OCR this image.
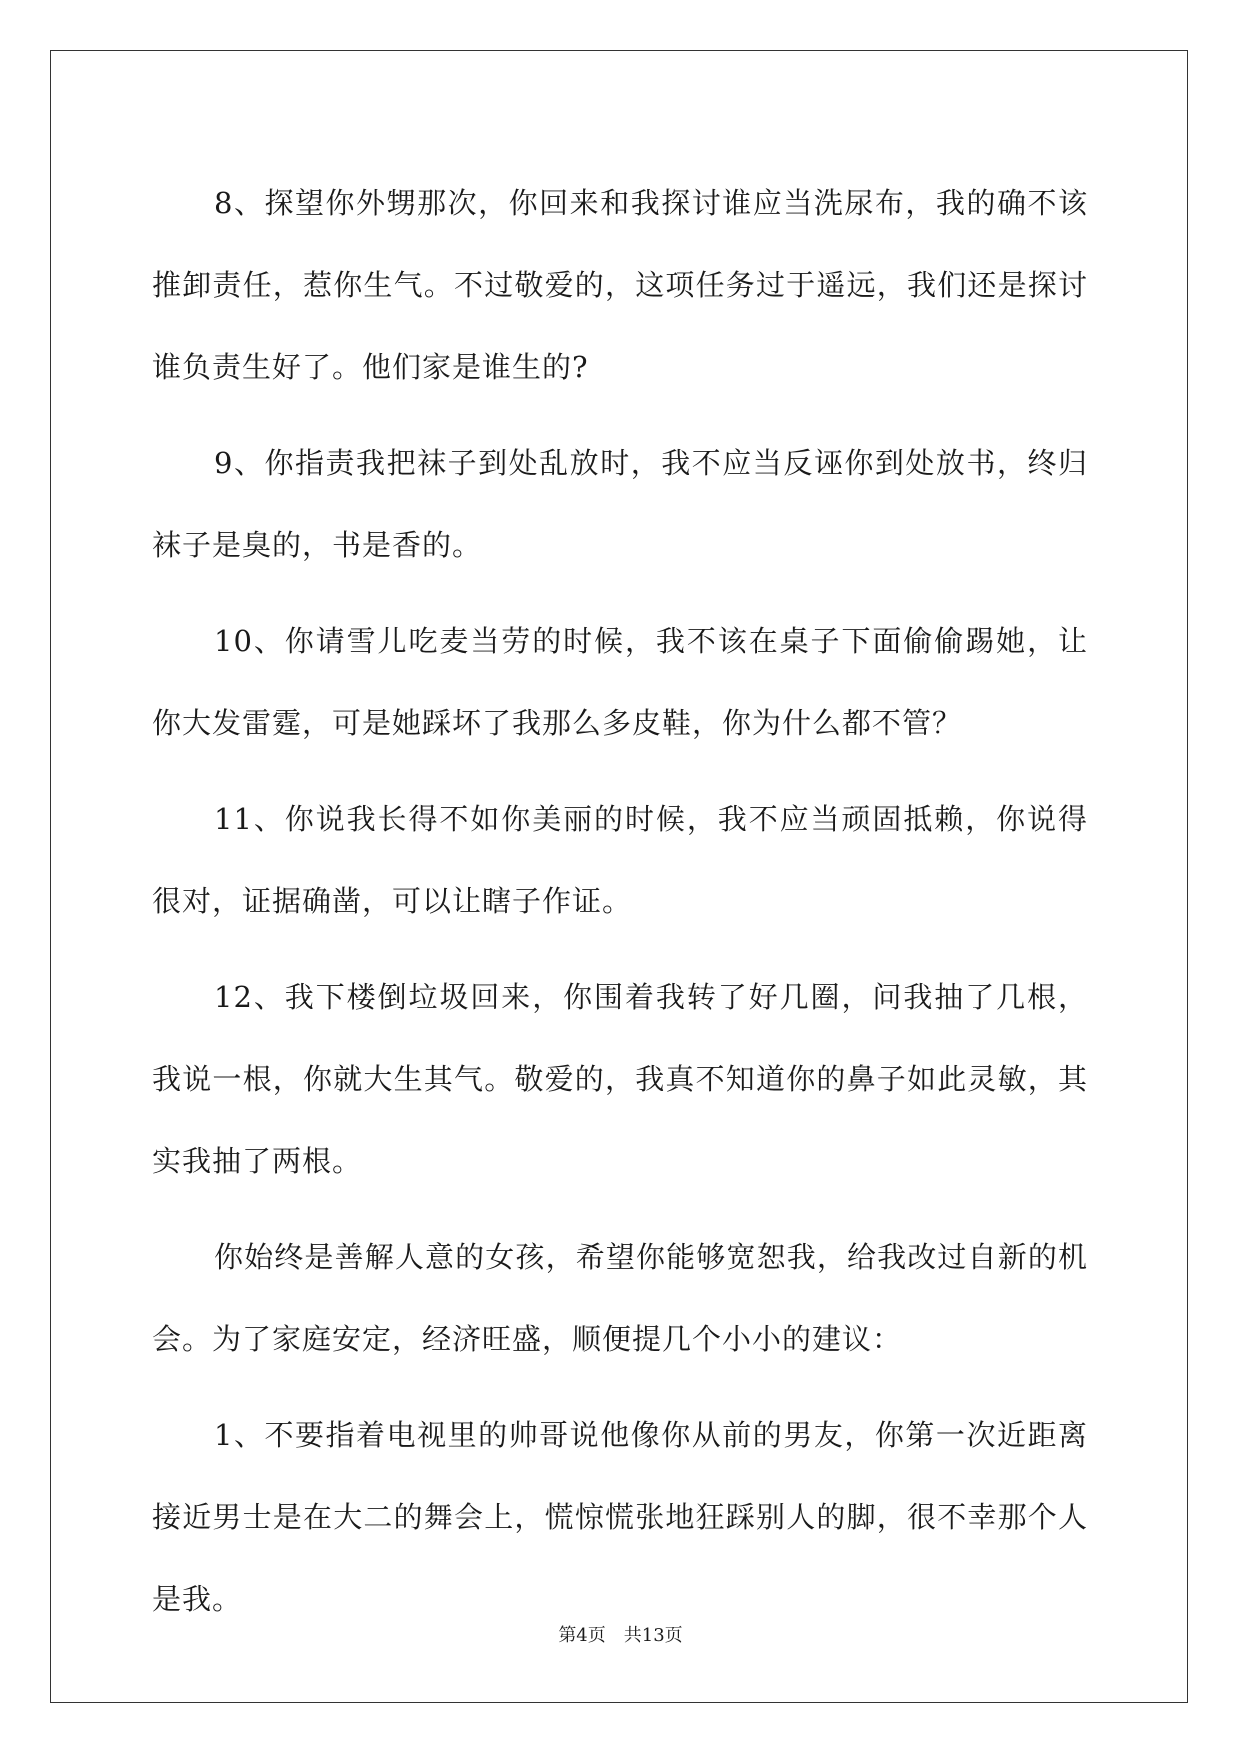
8、探望你外甥那次，你回来和我探讨谁应当洗尿布，我的确不该推卸责任，惹你生气。不过敬爱的，这项任务过于遥远，我们还是探讨谁负责生好了。他们家是谁生的?

9、你指责我把袜子到处乱放时，我不应当反诬你到处放书，终归袜子是臭的，书是香的。

10、你请雪儿吃麦当劳的时候，我不该在桌子下面偷偷踢她，让你大发雷霆，可是她踩坏了我那么多皮鞋，你为什么都不管？

11、你说我长得不如你美丽的时候，我不应当顽固抵赖，你说得很对，证据确凿，可以让瞎子作证。

12、我下楼倒垃圾回来，你围着我转了好几圈，问我抽了几根，我说一根，你就大生其气。敬爱的，我真不知道你的鼻子如此灵敏，其实我抽了两根。

你始终是善解人意的女孩，希望你能够宽恕我，给我改过自新的机会。为了家庭安定，经济旺盛，顺便提几个小小的建议：

1、不要指着电视里的帅哥说他像你从前的男友，你第一次近距离接近男士是在大二的舞会上，慌惊慌张地狂踩别人的脚，很不幸那个人是我。

第4页 共13页
